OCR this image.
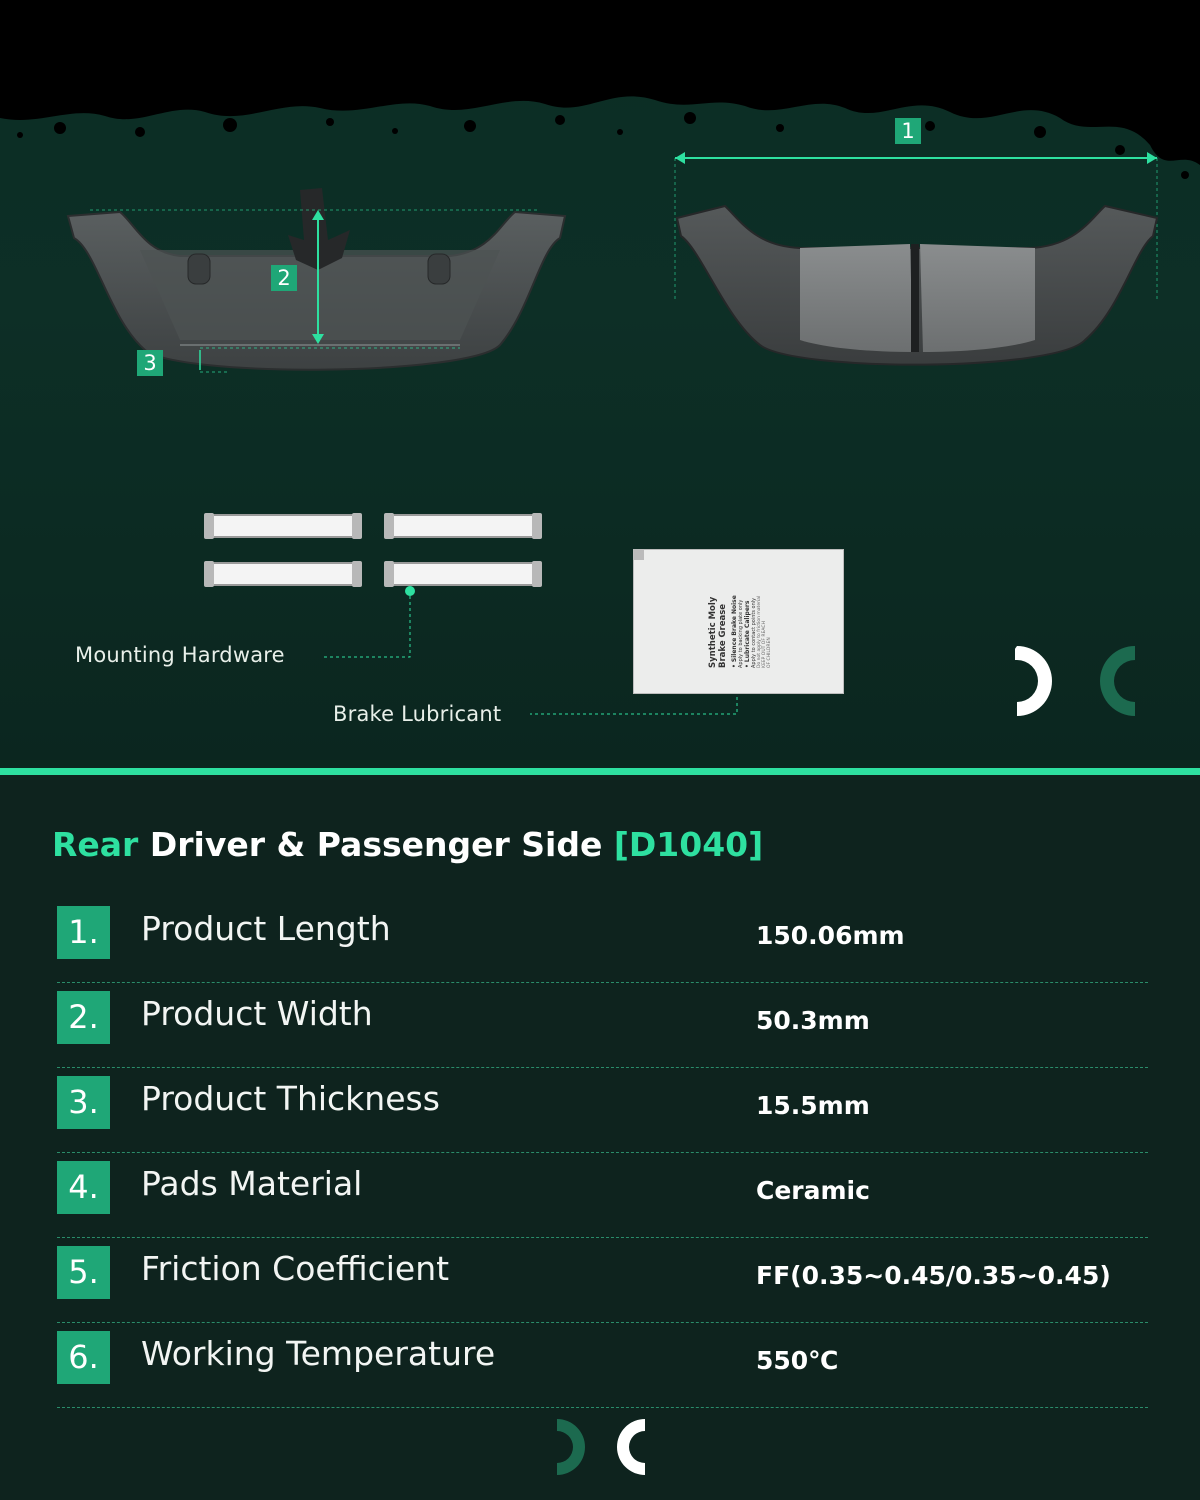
2
3
1
Mounting Hardware
Brake Lubricant
Synthetic Moly Brake Grease • Silence Brake Noise Apply to backing plate only • Lubricate Calipers Apply to contact points only Do not apply to friction material KEEP OUT OF REACH OF CHILDREN
Rear Driver & Passenger Side [D1040]
1.	Product Length	150.06mm
2.	Product Width	50.3mm
3.	Product Thickness	15.5mm
4.	Pads Material	Ceramic
5.	Friction Coefficient	FF(0.35~0.45/0.35~0.45)
6.	Working Temperature	550℃
